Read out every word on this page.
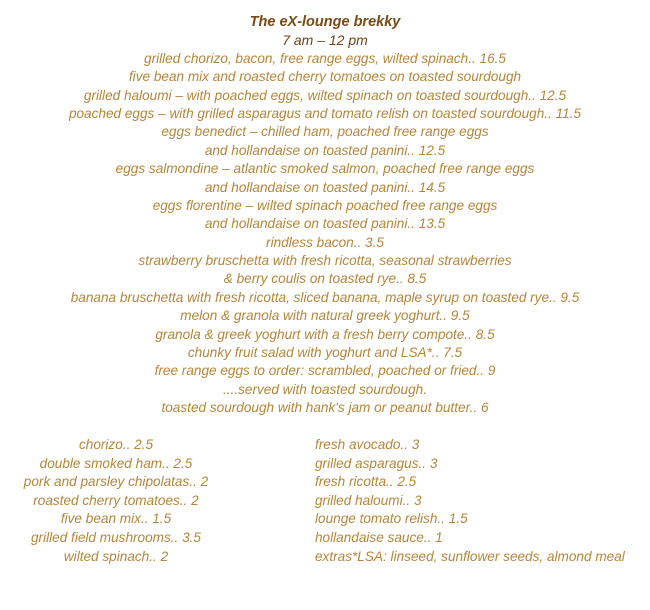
The eX-lounge brekky
7 am – 12 pm
grilled chorizo, bacon, free range eggs, wilted spinach.. 16.5
five bean mix and roasted cherry tomatoes on toasted sourdough
grilled haloumi – with poached eggs, wilted spinach on toasted sourdough.. 12.5
poached eggs – with grilled asparagus and tomato relish on toasted sourdough.. 11.5
eggs benedict – chilled ham, poached free range eggs
and hollandaise on toasted panini.. 12.5
eggs salmondine – atlantic smoked salmon, poached free range eggs
and hollandaise on toasted panini.. 14.5
eggs florentine – wilted spinach poached free range eggs
and hollandaise on toasted panini.. 13.5
rindless bacon.. 3.5
strawberry bruschetta with fresh ricotta, seasonal strawberries
& berry coulis on toasted rye.. 8.5
banana bruschetta with fresh ricotta, sliced banana, maple syrup on toasted rye.. 9.5
melon & granola with natural greek yoghurt.. 9.5
granola & greek yoghurt with a fresh berry compote.. 8.5
chunky fruit salad with yoghurt and LSA*.. 7.5
free range eggs to order: scrambled, poached or fried.. 9
....served with toasted sourdough.
toasted sourdough with hank's jam or peanut butter.. 6
chorizo.. 2.5
double smoked ham.. 2.5
pork and parsley chipolatas.. 2
roasted cherry tomatoes.. 2
five bean mix.. 1.5
grilled field mushrooms.. 3.5
wilted spinach.. 2
fresh avocado.. 3
grilled asparagus.. 3
fresh ricotta.. 2.5
grilled haloumi.. 3
lounge tomato relish.. 1.5
hollandaise sauce.. 1
extras*LSA: linseed, sunflower seeds, almond meal
